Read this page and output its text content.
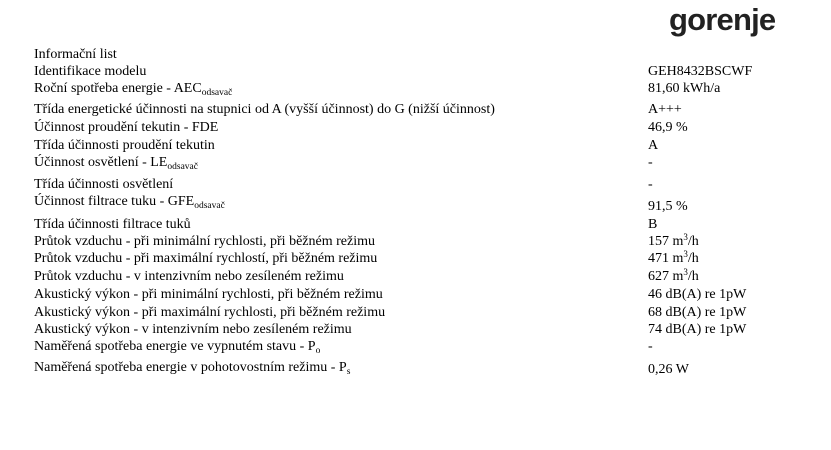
gorenje
Informační list
Identifikace modelu	GEH8432BSCWF
Roční spotřeba energie - $AEC_{odsavač}$	81,60 kWh/a
Třída energetické účinnosti na stupnici od A (vyšší účinnost) do G (nižší účinnost)	A+++
Účinnost proudění tekutin - FDE	46,9 %
Třída účinnosti proudění tekutin	A
Účinnost osvětlení - $LE_{odsavač}$	-
Třída účinnosti osvětlení	-
Účinnost filtrace tuku - $GFE_{odsavač}$	91,5 %
Třída účinnosti filtrace tuků	B
Průtok vzduchu - při minimální rychlosti, při běžném režimu	157 $m^3/h$
Průtok vzduchu - při maximální rychlostí, při běžném režimu	471 $m^3/h$
Průtok vzduchu - v intenzivním nebo zesíleném režimu	627 $m^3/h$
Akustický výkon - při minimální rychlosti, při běžném režimu	46 dB(A) re 1pW
Akustický výkon - při maximální rychlosti, při běžném režimu	68 dB(A) re 1pW
Akustický výkon - v intenzivním nebo zesíleném režimu	74 dB(A) re 1pW
Naměřená spotřeba energie ve vypnutém stavu - $P_o$	-
Naměřená spotřeba energie v pohotovostním režimu - $P_s$	0,26 W
